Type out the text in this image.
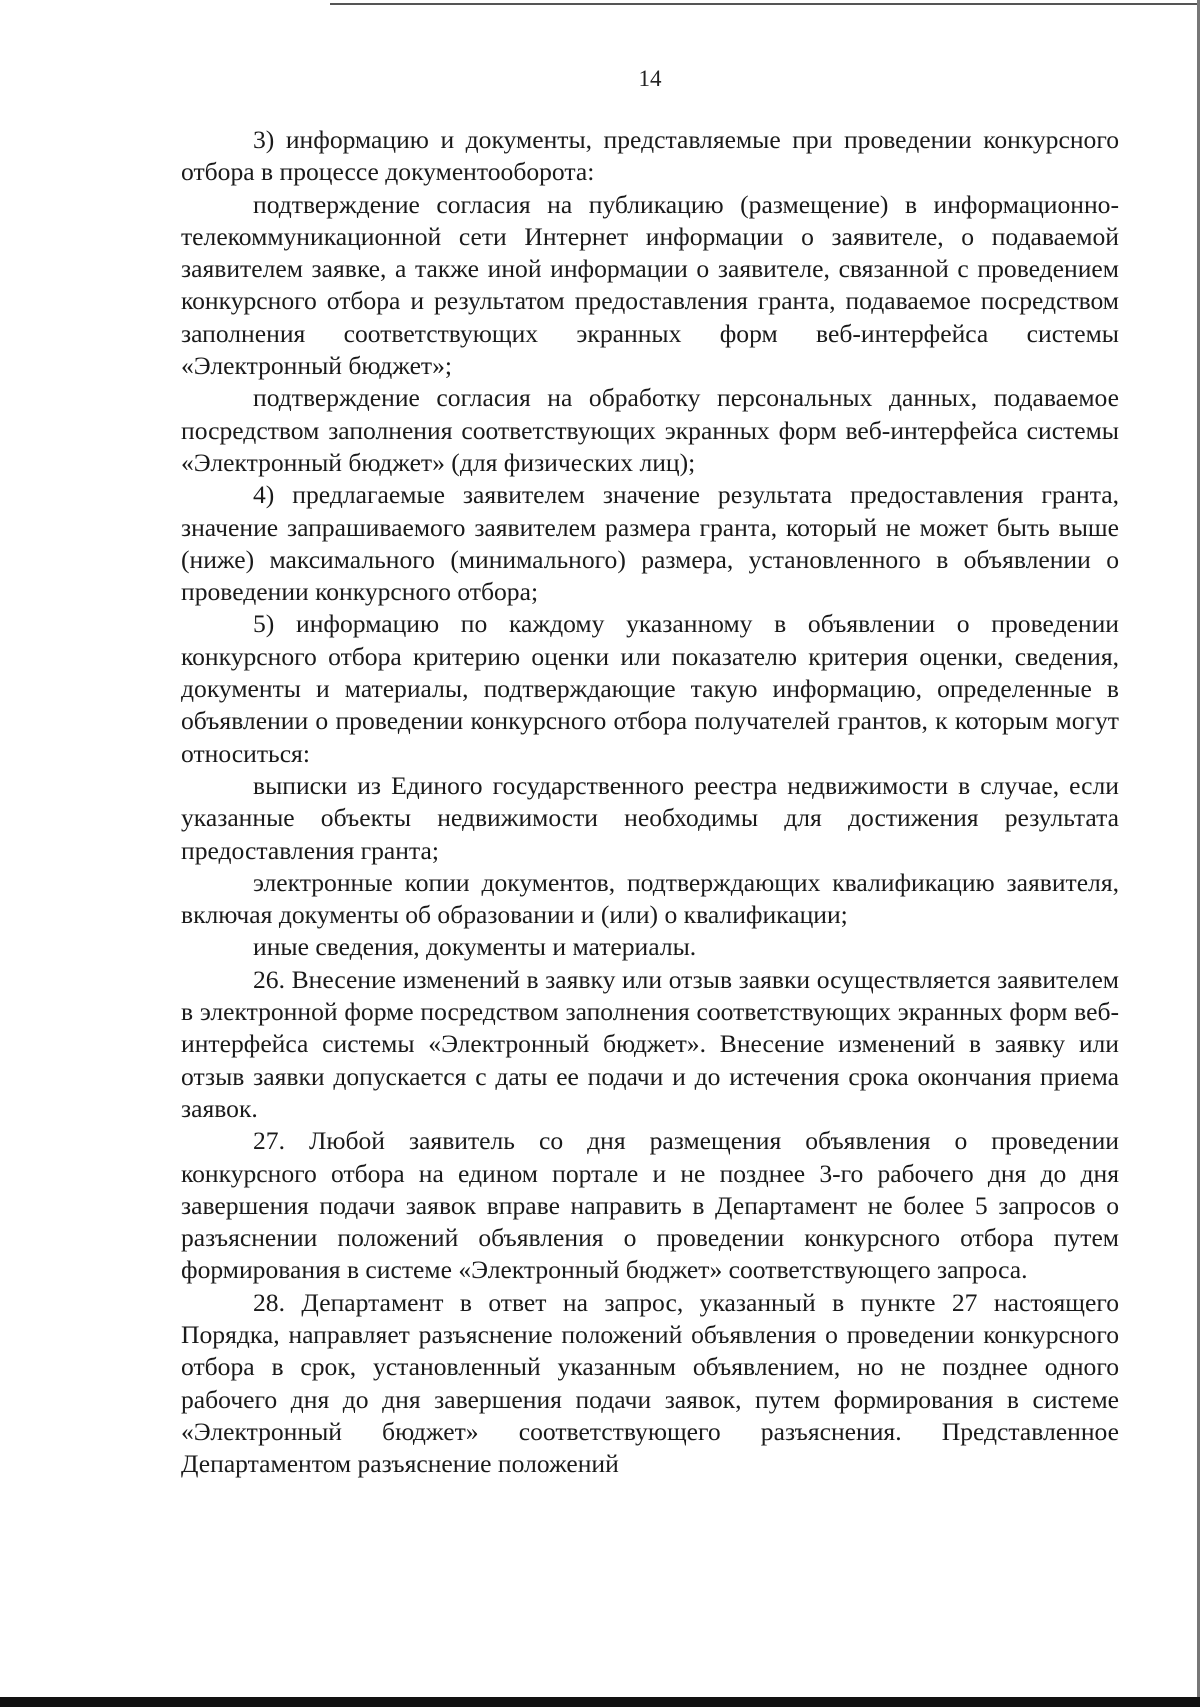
14

3) информацию и документы, представляемые при проведении конкурсного отбора в процессе документооборота:

подтверждение согласия на публикацию (размещение) в информационно-телекоммуникационной сети Интернет информации о заявителе, о подаваемой заявителем заявке, а также иной информации о заявителе, связанной с проведением конкурсного отбора и результатом предоставления гранта, подаваемое посредством заполнения соответствующих экранных форм веб-интерфейса системы «Электронный бюджет»;

подтверждение согласия на обработку персональных данных, подаваемое посредством заполнения соответствующих экранных форм веб-интерфейса системы «Электронный бюджет» (для физических лиц);

4) предлагаемые заявителем значение результата предоставления гранта, значение запрашиваемого заявителем размера гранта, который не может быть выше (ниже) максимального (минимального) размера, установленного в объявлении о проведении конкурсного отбора;

5) информацию по каждому указанному в объявлении о проведении конкурсного отбора критерию оценки или показателю критерия оценки, сведения, документы и материалы, подтверждающие такую информацию, определенные в объявлении о проведении конкурсного отбора получателей грантов, к которым могут относиться:

выписки из Единого государственного реестра недвижимости в случае, если указанные объекты недвижимости необходимы для достижения результата предоставления гранта;

электронные копии документов, подтверждающих квалификацию заявителя, включая документы об образовании и (или) о квалификации;

иные сведения, документы и материалы.

26. Внесение изменений в заявку или отзыв заявки осуществляется заявителем в электронной форме посредством заполнения соответствующих экранных форм веб-интерфейса системы «Электронный бюджет». Внесение изменений в заявку или отзыв заявки допускается с даты ее подачи и до истечения срока окончания приема заявок.

27. Любой заявитель со дня размещения объявления о проведении конкурсного отбора на едином портале и не позднее 3-го рабочего дня до дня завершения подачи заявок вправе направить в Департамент не более 5 запросов о разъяснении положений объявления о проведении конкурсного отбора путем формирования в системе «Электронный бюджет» соответствующего запроса.

28. Департамент в ответ на запрос, указанный в пункте 27 настоящего Порядка, направляет разъяснение положений объявления о проведении конкурсного отбора в срок, установленный указанным объявлением, но не позднее одного рабочего дня до дня завершения подачи заявок, путем формирования в системе «Электронный бюджет» соответствующего разъяснения. Представленное Департаментом разъяснение положений
